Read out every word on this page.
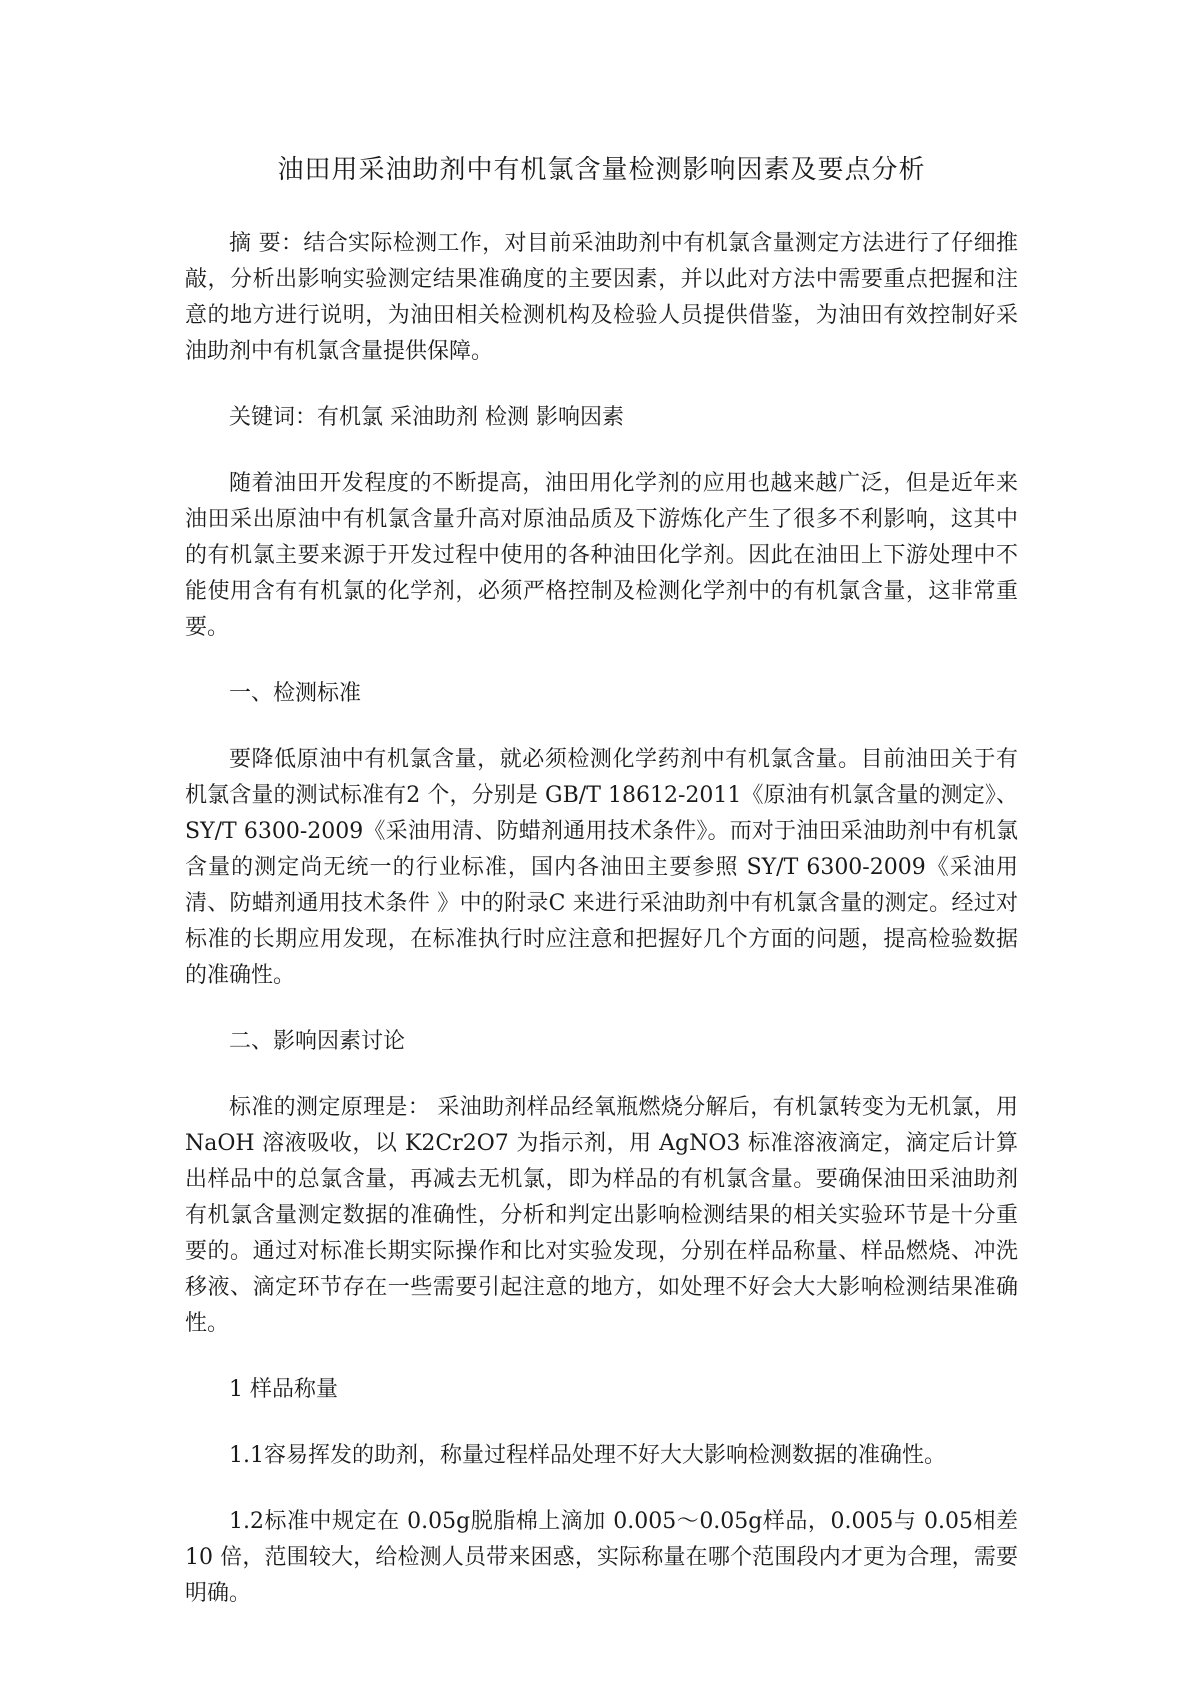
油田用采油助剂中有机氯含量检测影响因素及要点分析

摘 要：结合实际检测工作，对目前采油助剂中有机氯含量测定方法进行了仔细推敲，分析出影响实验测定结果准确度的主要因素，并以此对方法中需要重点把握和注意的地方进行说明，为油田相关检测机构及检验人员提供借鉴，为油田有效控制好采油助剂中有机氯含量提供保障。

关键词：有机氯 采油助剂 检测 影响因素

随着油田开发程度的不断提高，油田用化学剂的应用也越来越广泛，但是近年来油田采出原油中有机氯含量升高对原油品质及下游炼化产生了很多不利影响，这其中的有机氯主要来源于开发过程中使用的各种油田化学剂。因此在油田上下游处理中不能使用含有有机氯的化学剂，必须严格控制及检测化学剂中的有机氯含量，这非常重要。

一、检测标准

要降低原油中有机氯含量，就必须检测化学药剂中有机氯含量。目前油田关于有机氯含量的测试标准有2 个，分别是 GB/T 18612-2011《原油有机氯含量的测定》、SY/T 6300-2009《采油用清、防蜡剂通用技术条件》。而对于油田采油助剂中有机氯含量的测定尚无统一的行业标准，国内各油田主要参照 SY/T 6300-2009《采油用清、防蜡剂通用技术条件 》中的附录C 来进行采油助剂中有机氯含量的测定。经过对标准的长期应用发现，在标准执行时应注意和把握好几个方面的问题，提高检验数据的准确性。

二、影响因素讨论

标准的测定原理是： 采油助剂样品经氧瓶燃烧分解后，有机氯转变为无机氯，用 NaOH 溶液吸收，以 K2Cr2O7 为指示剂，用 AgNO3 标准溶液滴定，滴定后计算出样品中的总氯含量，再减去无机氯，即为样品的有机氯含量。要确保油田采油助剂有机氯含量测定数据的准确性，分析和判定出影响检测结果的相关实验环节是十分重要的。通过对标准长期实际操作和比对实验发现，分别在样品称量、样品燃烧、冲洗移液、滴定环节存在一些需要引起注意的地方，如处理不好会大大影响检测结果准确性。

1 样品称量

1.1容易挥发的助剂，称量过程样品处理不好大大影响检测数据的准确性。

1.2标准中规定在 0.05g脱脂棉上滴加 0.005～0.05g样品，0.005与 0.05相差10 倍，范围较大，给检测人员带来困惑，实际称量在哪个范围段内才更为合理，需要明确。
